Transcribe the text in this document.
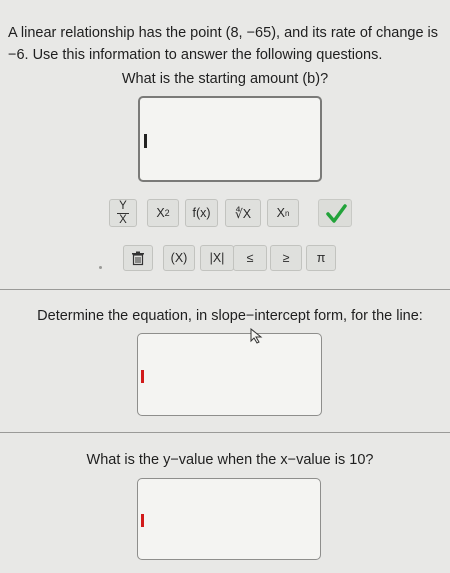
A linear relationship has the point (8, −65), and its rate of change is −6. Use this information to answer the following questions.
What is the starting amount (b)?
Y
X X 2	f(x)	∜X	X n
(X)	|X|	≤	≥	π
Determine the equation, in slope−intercept form, for the line:
What is the y−value when the x−value is 10?
